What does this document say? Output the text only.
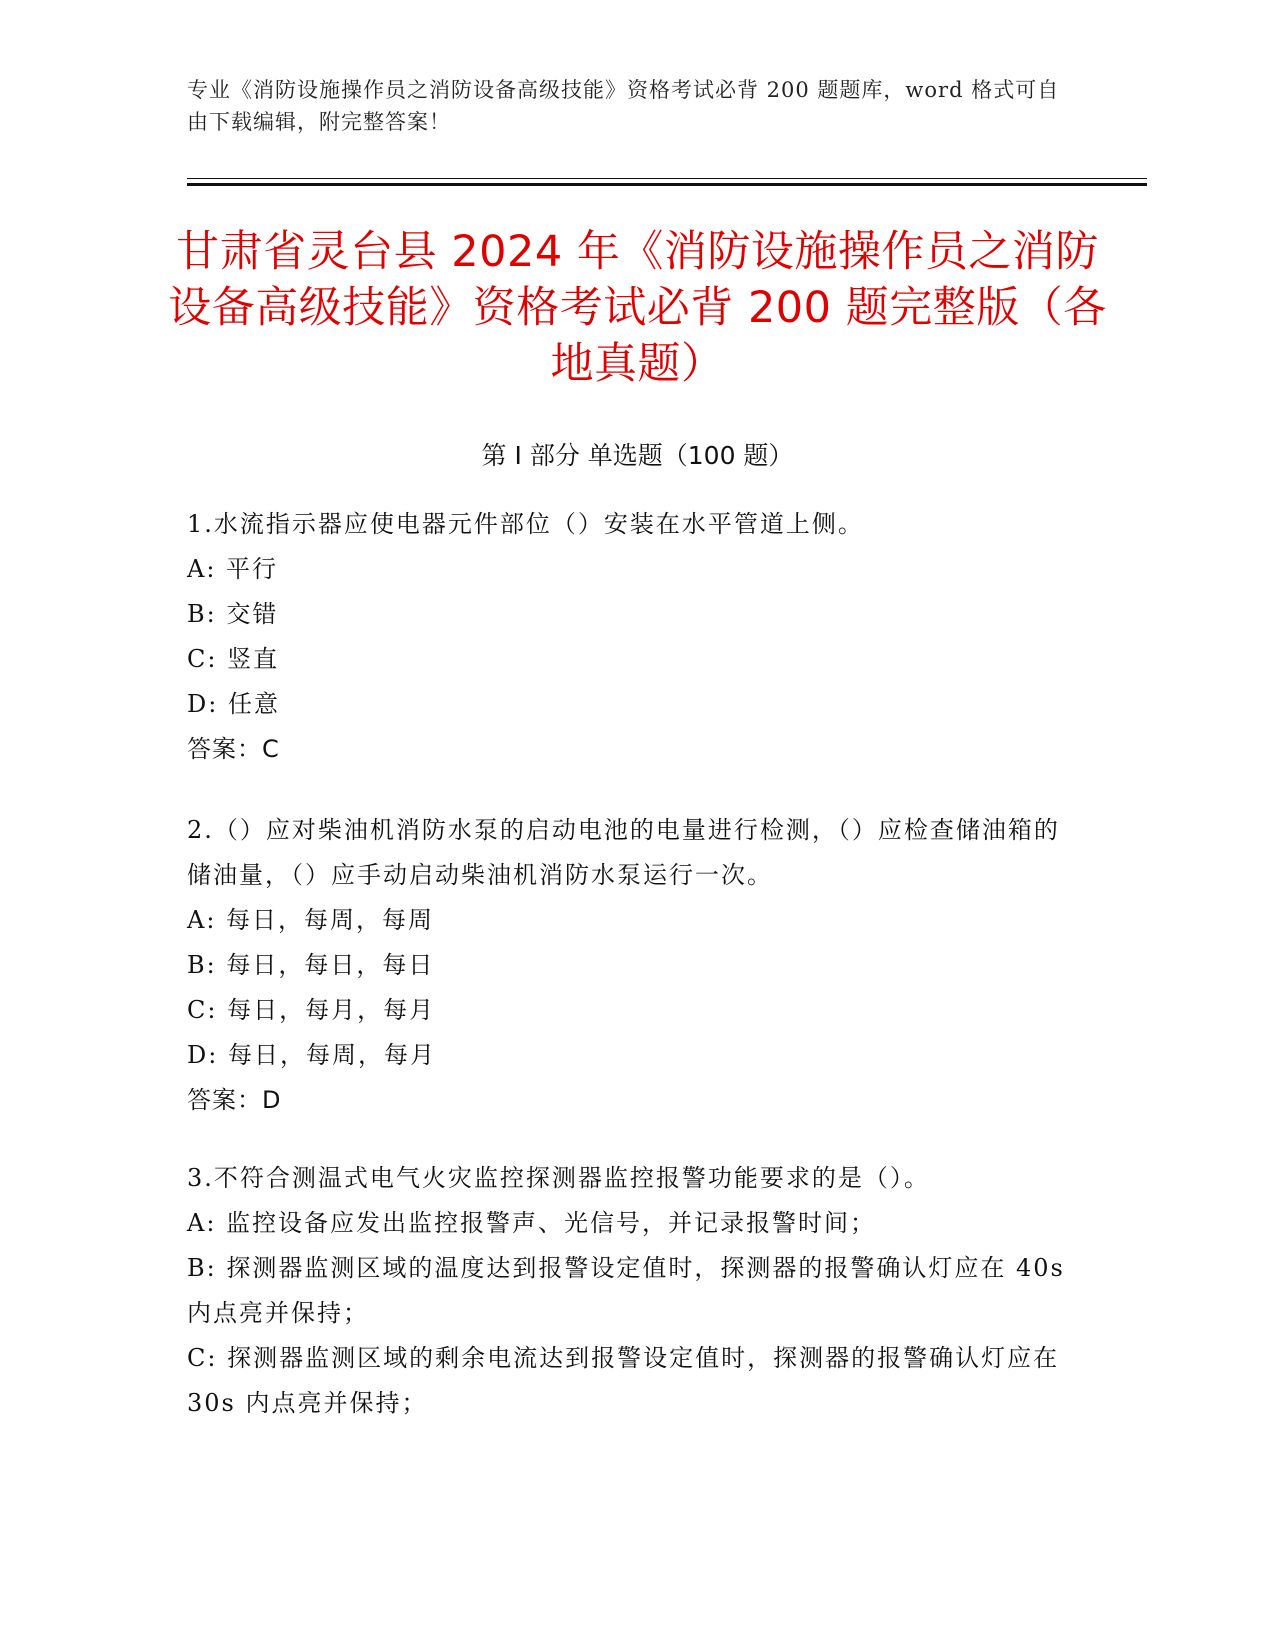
专业《消防设施操作员之消防设备高级技能》资格考试必背 200 题题库，word 格式可自由下载编辑，附完整答案！
甘肃省灵台县 2024 年《消防设施操作员之消防设备高级技能》资格考试必背 200 题完整版（各地真题）
第 I 部分 单选题（100 题）
1.水流指示器应使电器元件部位（）安装在水平管道上侧。
A: 平行
B: 交错
C: 竖直
D: 任意
答案：C
2.（）应对柴油机消防水泵的启动电池的电量进行检测，（）应检查储油箱的储油量，（）应手动启动柴油机消防水泵运行一次。
A: 每日，每周，每周
B: 每日，每日，每日
C: 每日，每月，每月
D: 每日，每周，每月
答案：D
3.不符合测温式电气火灾监控探测器监控报警功能要求的是（）。
A: 监控设备应发出监控报警声、光信号，并记录报警时间；
B: 探测器监测区域的温度达到报警设定值时，探测器的报警确认灯应在 40s 内点亮并保持；
C: 探测器监测区域的剩余电流达到报警设定值时，探测器的报警确认灯应在 30s 内点亮并保持；
